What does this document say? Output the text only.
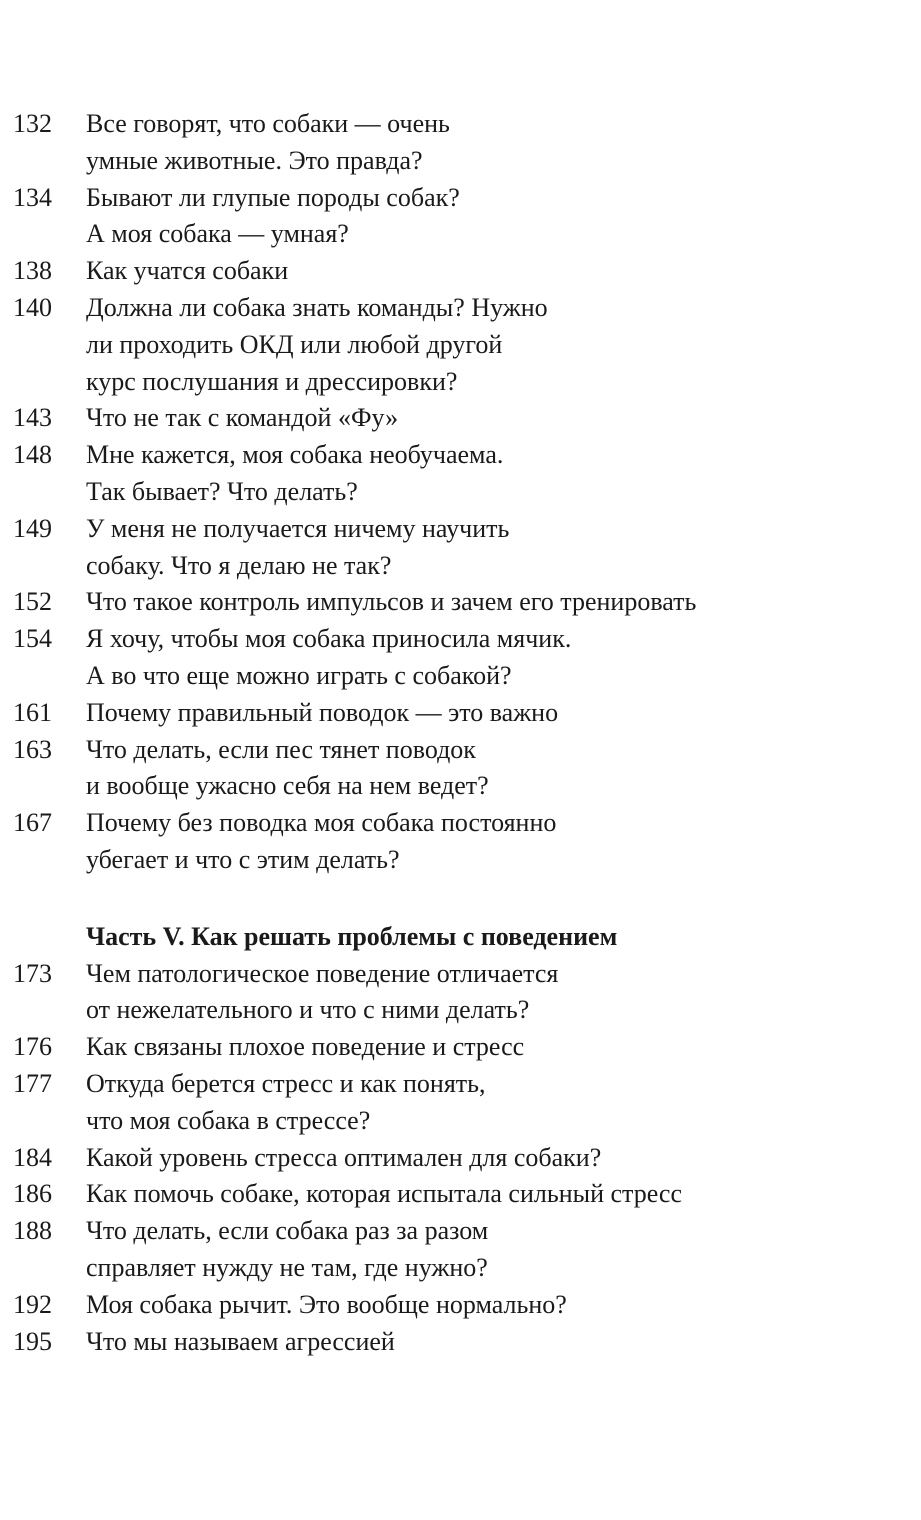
132	Все говорят, что собаки — очень
умные животные. Это правда?
134	Бывают ли глупые породы собак?
А моя собака — умная?
138	Как учатся собаки
140	Должна ли собака знать команды? Нужно
ли проходить ОКД или любой другой
курс послушания и дрессировки?
143	Что не так с командой «Фу»
148	Мне кажется, моя собака необучаема.
Так бывает? Что делать?
149	У меня не получается ничему научить
собаку. Что я делаю не так?
152	Что такое контроль импульсов и зачем его тренировать
154	Я хочу, чтобы моя собака приносила мячик.
А во что еще можно играть с собакой?
161	Почему правильный поводок — это важно
163	Что делать, если пес тянет поводок
и вообще ужасно себя на нем ведет?
167	Почему без поводка моя собака постоянно
убегает и что с этим делать?
Часть V. Как решать проблемы с поведением
173	Чем патологическое поведение отличается
от нежелательного и что с ними делать?
176	Как связаны плохое поведение и стресс
177	Откуда берется стресс и как понять,
что моя собака в стрессе?
184	Какой уровень стресса оптимален для собаки?
186	Как помочь собаке, которая испытала сильный стресс
188	Что делать, если собака раз за разом
справляет нужду не там, где нужно?
192	Моя собака рычит. Это вообще нормально?
195	Что мы называем агрессией
